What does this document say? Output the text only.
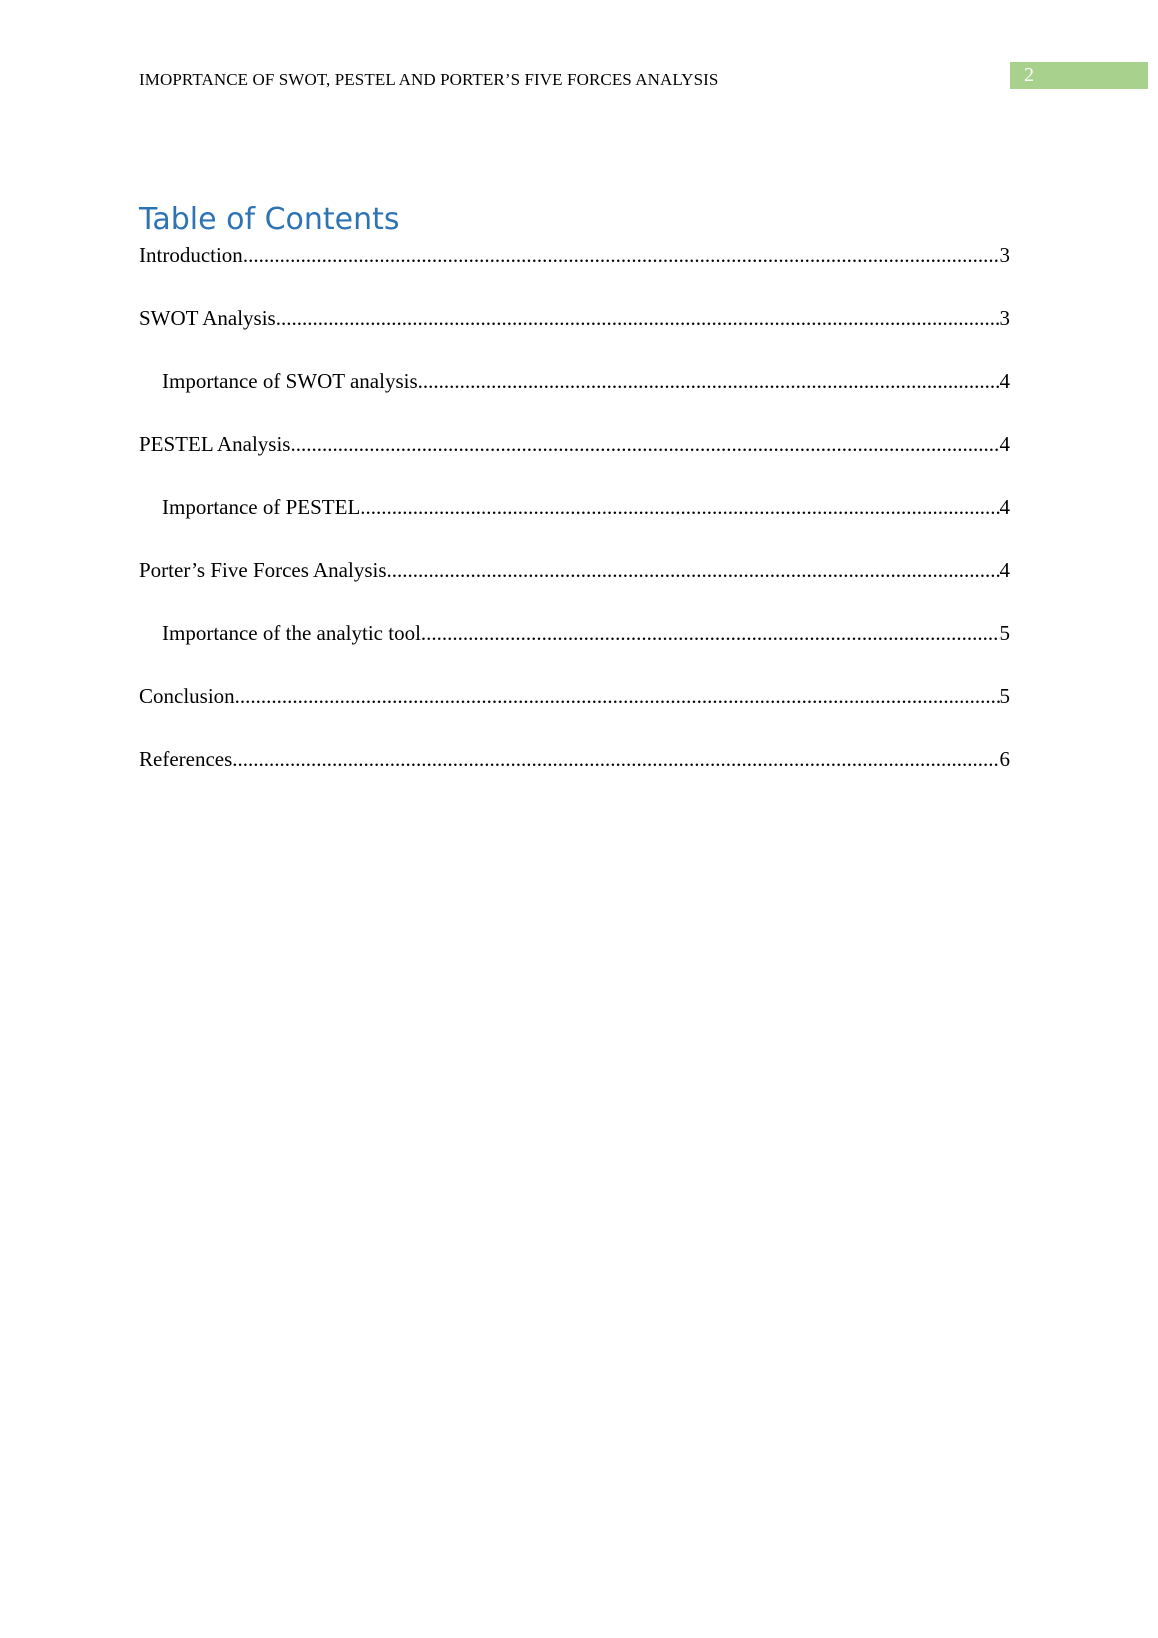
IMOPRTANCE OF SWOT, PESTEL AND PORTER’S FIVE FORCES ANALYSIS	2
Table of Contents
Introduction .....	3
SWOT Analysis .....	3
Importance of SWOT analysis .....	4
PESTEL Analysis .....	4
Importance of PESTEL .....	4
Porter’s Five Forces Analysis .....	4
Importance of the analytic tool .....	5
Conclusion .....	5
References .....	6
